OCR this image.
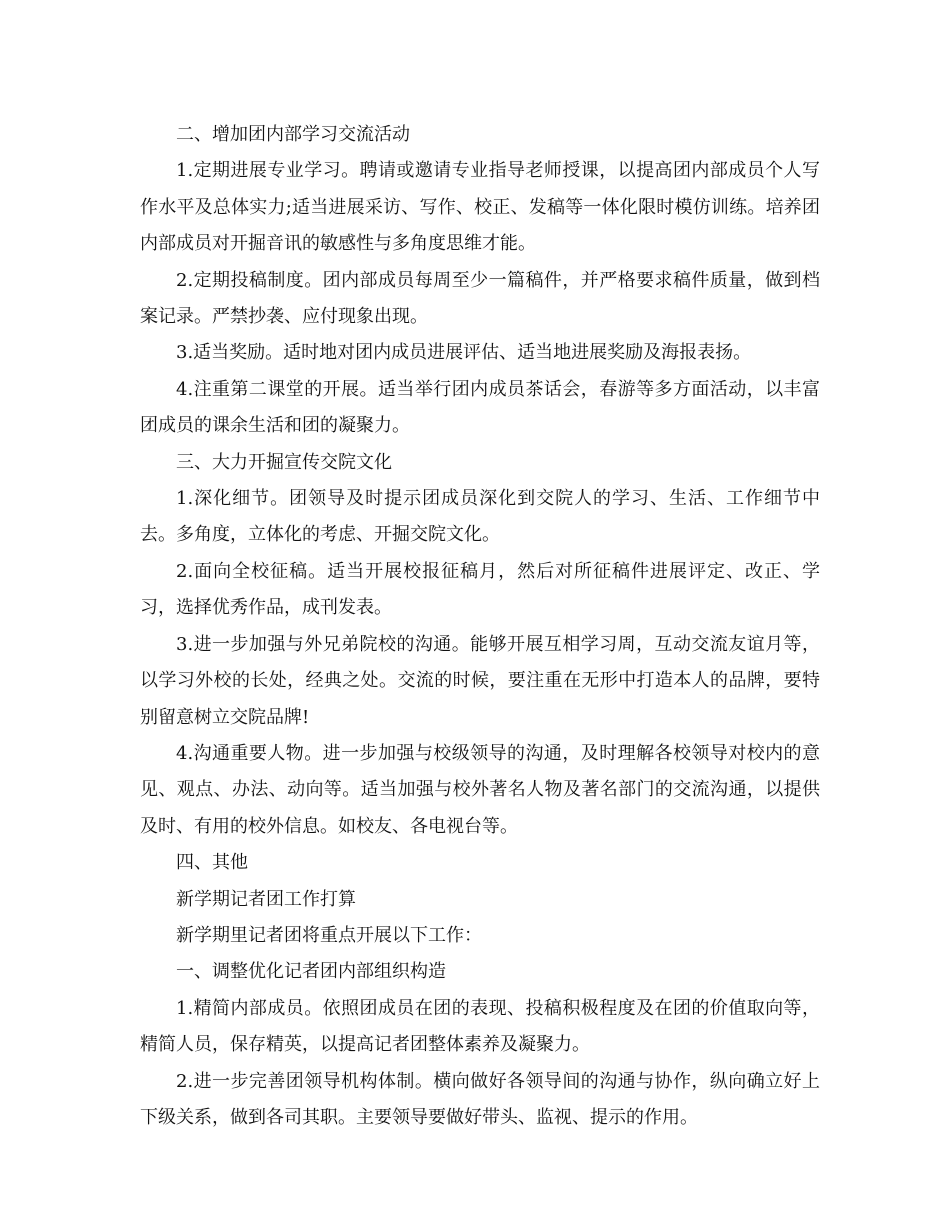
二、增加团内部学习交流活动

1.定期进展专业学习。聘请或邀请专业指导老师授课，以提高团内部成员个人写作水平及总体实力;适当进展采访、写作、校正、发稿等一体化限时模仿训练。培养团内部成员对开掘音讯的敏感性与多角度思维才能。

2.定期投稿制度。团内部成员每周至少一篇稿件，并严格要求稿件质量，做到档案记录。严禁抄袭、应付现象出现。

3.适当奖励。适时地对团内成员进展评估、适当地进展奖励及海报表扬。

4.注重第二课堂的开展。适当举行团内成员茶话会，春游等多方面活动，以丰富团成员的课余生活和团的凝聚力。

三、大力开掘宣传交院文化

1.深化细节。团领导及时提示团成员深化到交院人的学习、生活、工作细节中去。多角度，立体化的考虑、开掘交院文化。

2.面向全校征稿。适当开展校报征稿月，然后对所征稿件进展评定、改正、学习，选择优秀作品，成刊发表。

3.进一步加强与外兄弟院校的沟通。能够开展互相学习周，互动交流友谊月等，以学习外校的长处，经典之处。交流的时候，要注重在无形中打造本人的品牌，要特别留意树立交院品牌!

4.沟通重要人物。进一步加强与校级领导的沟通，及时理解各校领导对校内的意见、观点、办法、动向等。适当加强与校外著名人物及著名部门的交流沟通，以提供及时、有用的校外信息。如校友、各电视台等。

四、其他

新学期记者团工作打算

新学期里记者团将重点开展以下工作：

一、调整优化记者团内部组织构造

1.精简内部成员。依照团成员在团的表现、投稿积极程度及在团的价值取向等，精简人员，保存精英，以提高记者团整体素养及凝聚力。

2.进一步完善团领导机构体制。横向做好各领导间的沟通与协作，纵向确立好上下级关系，做到各司其职。主要领导要做好带头、监视、提示的作用。
